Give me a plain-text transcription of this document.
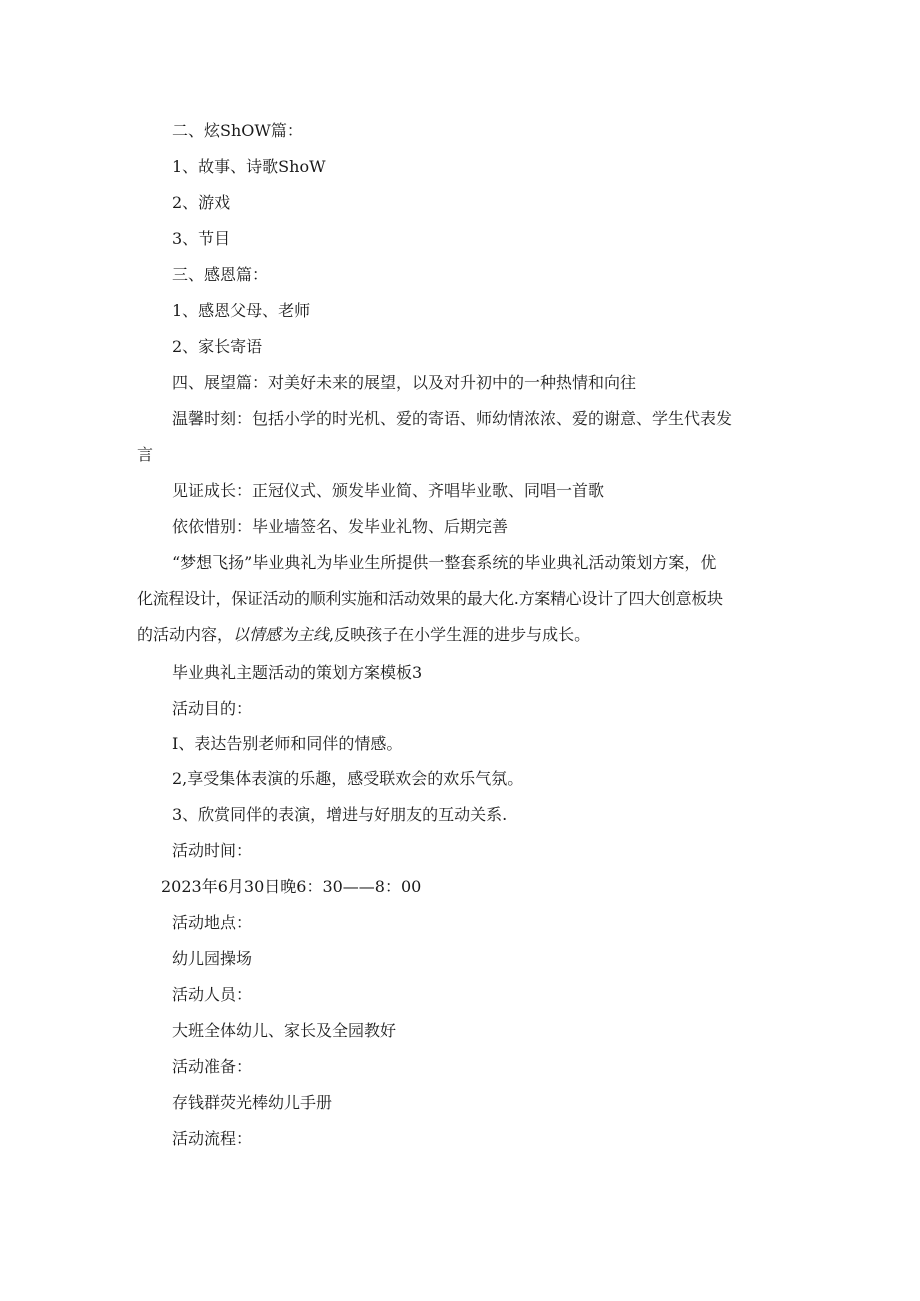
二、炫ShOW篇：

1、故事、诗歌ShoW

2、游戏

3、节目

三、感恩篇：

1、感恩父母、老师

2、家长寄语

四、展望篇：对美好未来的展望，以及对升初中的一种热情和向往

温馨时刻：包括小学的时光机、爱的寄语、师幼情浓浓、爱的谢意、学生代表发

言

见证成长：正冠仪式、颁发毕业简、齐唱毕业歌、同唱一首歌

依依惜别：毕业墙签名、发毕业礼物、后期完善

“梦想飞扬”毕业典礼为毕业生所提供一整套系统的毕业典礼活动策划方案，优

化流程设计，保证活动的顺利实施和活动效果的最大化.方案精心设计了四大创意板块

的活动内容，以情感为主线,反映孩子在小学生涯的进步与成长。

毕业典礼主题活动的策划方案模板3

活动目的：

I、表达告别老师和同伴的情感。

2,享受集体表演的乐趣，感受联欢会的欢乐气氛。

3、欣赏同伴的表演，增进与好朋友的互动关系.

活动时间：

2023年6月30日晚6：30——8：00

活动地点：

幼儿园操场

活动人员：

大班全体幼儿、家长及全园教好

活动准备：

存钱群荧光棒幼儿手册

活动流程：
